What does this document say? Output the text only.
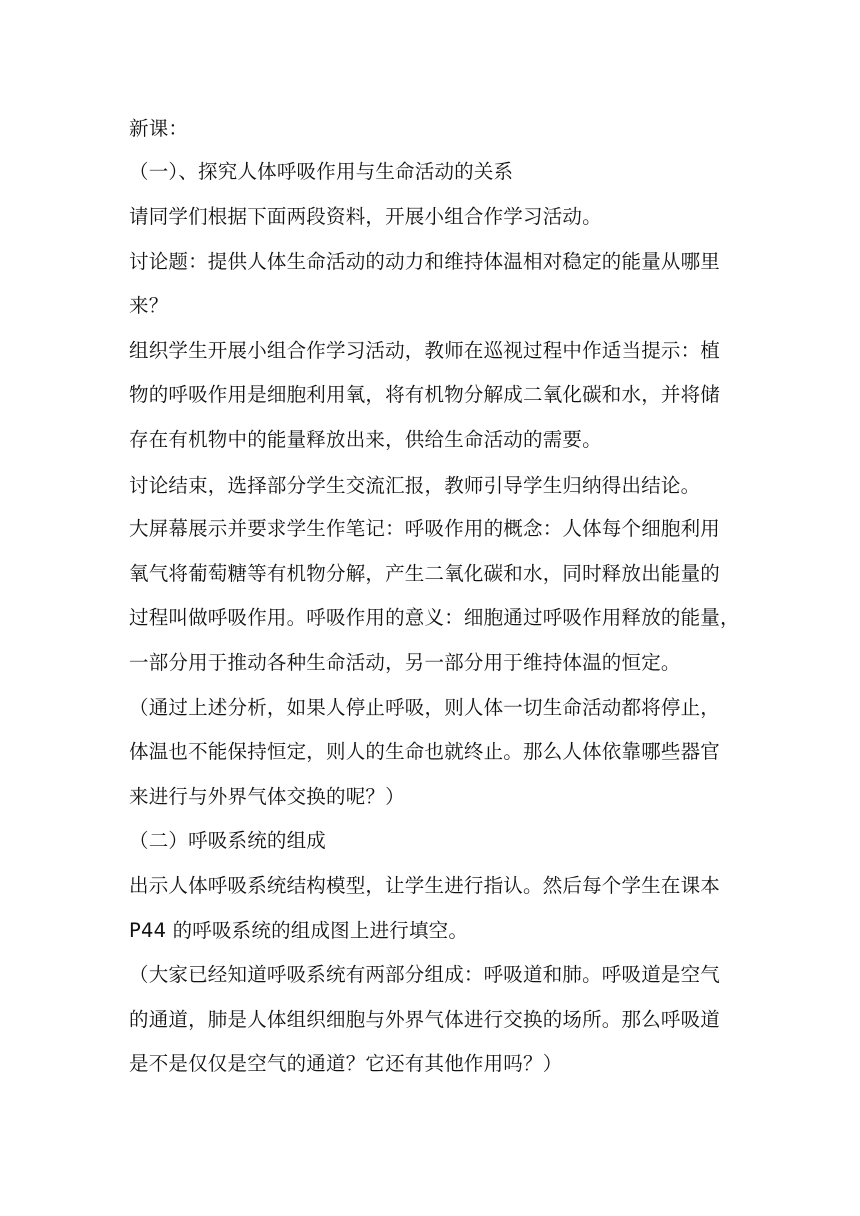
新课：
（一）、探究人体呼吸作用与生命活动的关系
请同学们根据下面两段资料，开展小组合作学习活动。
讨论题：提供人体生命活动的动力和维持体温相对稳定的能量从哪里
来？
组织学生开展小组合作学习活动，教师在巡视过程中作适当提示：植
物的呼吸作用是细胞利用氧，将有机物分解成二氧化碳和水，并将储
存在有机物中的能量释放出来，供给生命活动的需要。
讨论结束，选择部分学生交流汇报，教师引导学生归纳得出结论。
大屏幕展示并要求学生作笔记：呼吸作用的概念：人体每个细胞利用
氧气将葡萄糖等有机物分解，产生二氧化碳和水，同时释放出能量的
过程叫做呼吸作用。呼吸作用的意义：细胞通过呼吸作用释放的能量，
一部分用于推动各种生命活动，另一部分用于维持体温的恒定。
（通过上述分析，如果人停止呼吸，则人体一切生命活动都将停止，
体温也不能保持恒定，则人的生命也就终止。那么人体依靠哪些器官
来进行与外界气体交换的呢？）
（二）呼吸系统的组成
出示人体呼吸系统结构模型，让学生进行指认。然后每个学生在课本
P44 的呼吸系统的组成图上进行填空。
（大家已经知道呼吸系统有两部分组成：呼吸道和肺。呼吸道是空气
的通道，肺是人体组织细胞与外界气体进行交换的场所。那么呼吸道
是不是仅仅是空气的通道？它还有其他作用吗？）
